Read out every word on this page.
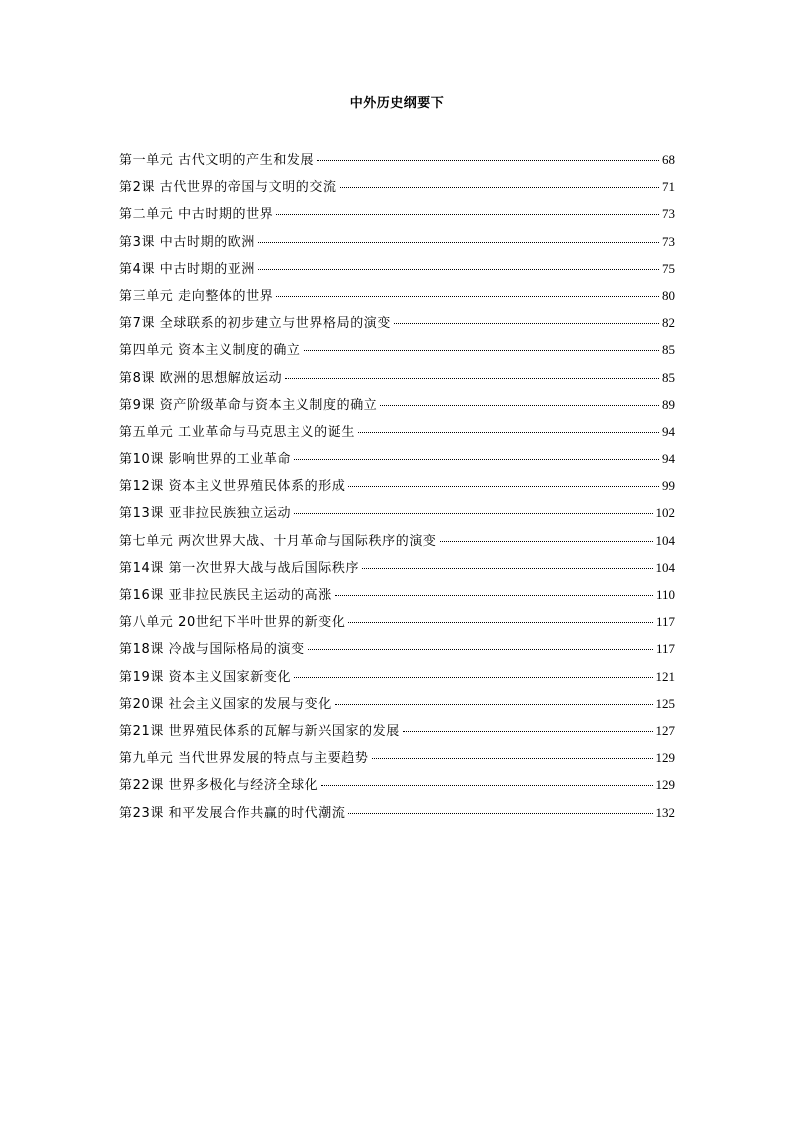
中外历史纲要下
第一单元 古代文明的产生和发展	68
第2课 古代世界的帝国与文明的交流	71
第二单元 中古时期的世界	73
第3课 中古时期的欧洲	73
第4课 中古时期的亚洲	75
第三单元 走向整体的世界	80
第7课 全球联系的初步建立与世界格局的演变	82
第四单元 资本主义制度的确立	85
第8课 欧洲的思想解放运动	85
第9课 资产阶级革命与资本主义制度的确立	89
第五单元 工业革命与马克思主义的诞生	94
第10课 影响世界的工业革命	94
第12课 资本主义世界殖民体系的形成	99
第13课 亚非拉民族独立运动	102
第七单元 两次世界大战、十月革命与国际秩序的演变	104
第14课 第一次世界大战与战后国际秩序	104
第16课 亚非拉民族民主运动的高涨	110
第八单元 20世纪下半叶世界的新变化	117
第18课 冷战与国际格局的演变	117
第19课 资本主义国家新变化	121
第20课 社会主义国家的发展与变化	125
第21课 世界殖民体系的瓦解与新兴国家的发展	127
第九单元 当代世界发展的特点与主要趋势	129
第22课 世界多极化与经济全球化	129
第23课 和平发展合作共赢的时代潮流	132
